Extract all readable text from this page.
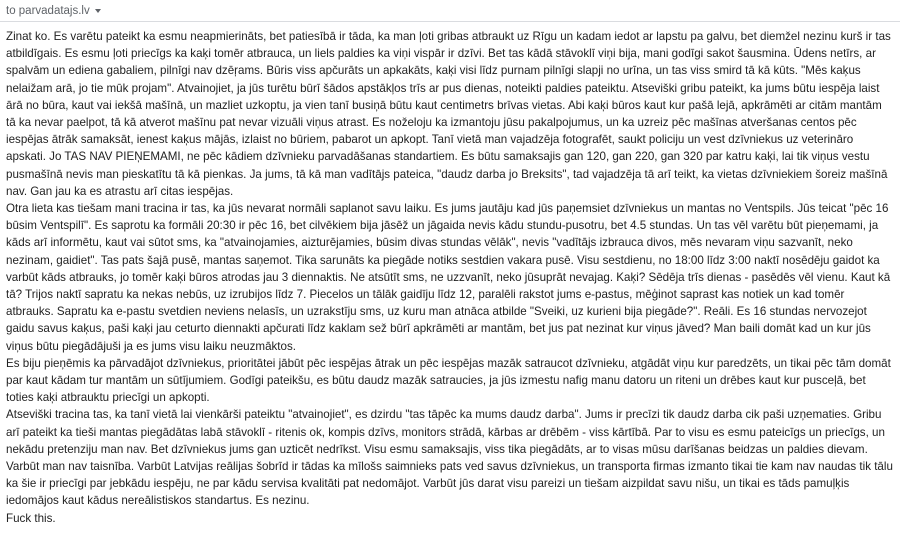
to parvadatajs.lv

Zinat ko. Es varētu pateikt ka esmu neapmierināts, bet patiesībā ir tāda, ka man ļoti gribas atbraukt uz Rīgu un kadam iedot ar lapstu pa galvu, bet diemžel nezinu kurš ir tas atbildīgais. Es esmu ļoti priecīgs ka kaķi tomēr atbrauca, un liels paldies ka viņi vispār ir dzīvi. Bet tas kādā stāvoklī viņi bija, mani godīgi sakot šausmina. Ūdens netīrs, ar spalvām un ediena gabaliem, pilnīgi nav dzēŗams. Būris viss apčurāts un apkakāts, kaķi visi līdz purnam pilnīgi slapji no urīna, un tas viss smird tā kā kūts. "Mēs kaķus nelaižam arā, jo tie mūk projam". Atvainojiet, ja jūs turētu būrī šādos apstākļos trīs ar pus dienas, noteikti paldies pateiktu. Atseviški gribu pateikt, ka jums būtu iespēja laist ārā no būra, kaut vai iekšā mašīnā, un mazliet uzkoptu, ja vien tanī busiņā būtu kaut centimetrs brīvas vietas. Abi kaķi būros kaut kur pašā lejā, apkrāmēti ar citām mantām tā ka nevar paelpot, tā kā atverot mašīnu pat nevar vizuāli viņus atrast. Es noželoju ka izmantoju jūsu pakalpojumus, un ka uzreiz pēc mašīnas atveršanas centos pēc iespējas ātrāk samaksāt, ienest kaķus mājās, izlaist no būriem, pabarot un apkopt. Tanī vietā man vajadzēja fotografēt, saukt policiju un vest dzīvniekus uz veterināro apskati. Jo TAS NAV PIEŅEMAMI, ne pēc kādiem dzīvnieku parvadāšanas standartiem. Es būtu samaksajis gan 120, gan 220, gan 320 par katru kaķi, lai tik viņus vestu pusmašīnā nevis man pieskatītu tā kā pienkas. Ja jums, tā kā man vadītājs pateica, "daudz darba jo Breksits", tad vajadzēja tā arī teikt, ka vietas dzīvniekiem šoreiz mašīnā nav. Gan jau ka es atrastu arī citas iespējas.

Otra lieta kas tiešam mani tracina ir tas, ka jūs nevarat normāli saplanot savu laiku. Es jums jautāju kad jūs paņemsiet dzīvniekus un mantas no Ventspils. Jūs teicat "pēc 16 būsim Ventspilī". Es saprotu ka formāli 20:30 ir pēc 16, bet cilvēkiem bija jāsēž un jāgaida nevis kādu stundu-pusotru, bet 4.5 stundas. Un tas vēl varētu būt pieņemami, ja kāds arī informētu, kaut vai sūtot sms, ka "atvainojamies, aizturējamies, būsim divas stundas vēlāk", nevis "vadītājs izbrauca divos, mēs nevaram viņu sazvanīt, neko nezinam, gaidiet". Tas pats šajā pusē, mantas saņemot. Tika sarunāts ka piegāde notiks sestdien vakara pusē. Visu sestdienu, no 18:00 līdz 3:00 naktī nosēdēju gaidot ka varbūt kāds atbrauks, jo tomēr kaķi būros atrodas jau 3 diennaktis. Ne atsūtīt sms, ne uzzvanīt, neko jūsuprāt nevajag. Kaķi? Sēdēja trīs dienas - pasēdēs vēl vienu. Kaut kā tā? Trijos naktī sapratu ka nekas nebūs, uz izrubijos līdz 7. Piecelos un tālāk gaidīju līdz 12, paralēli rakstot jums e-pastus, mēģinot saprast kas notiek un kad tomēr atbrauks. Sapratu ka e-pastu svetdien neviens nelasīs, un uzrakstīju sms, uz kuru man atnāca atbilde "Sveiki, uz kurieni bija piegāde?". Reāli. Es 16 stundas nervozejot gaidu savus kaķus, paši kaķi jau ceturto diennakti apčurati līdz kaklam sež būrī apkrāmēti ar mantām, bet jus pat nezinat kur viņus jāved? Man baili domāt kad un kur jūs viņus būtu piegādājuši ja es jums visu laiku neuzmāktos.

Es biju pieņēmis ka pārvadājot dzīvniekus, prioritātei jābūt pēc iespējas ātrak un pēc iespējas mazāk satraucot dzīvnieku, atgādāt viņu kur paredzēts, un tikai pēc tām domāt par kaut kādam tur mantām un sūtījumiem. Godīgi pateikšu, es būtu daudz mazāk satraucies, ja jūs izmestu nafig manu datoru un riteni un drēbes kaut kur pusceļā, bet toties kaķi atbrauktu priecīgi un apkopti.

Atseviški tracina tas, ka tanī vietā lai vienkārši pateiktu "atvainojiet", es dzirdu "tas tāpēc ka mums daudz darba". Jums ir precīzi tik daudz darba cik paši uzņematies. Gribu arī pateikt ka tieši mantas piegādātas labā stāvoklī - ritenis ok, kompis dzīvs, monitors strādā, kārbas ar drēbēm - viss kārtībā. Par to visu es esmu pateicīgs un priecīgs, un nekādu pretenziju man nav. Bet dzīvniekus jums gan uzticēt nedrīkst. Visu esmu samaksajis, viss tika piegādāts, ar to visas mūsu darīšanas beidzas un paldies dievam.

Varbūt man nav taisnība. Varbūt Latvijas reālijas šobrīd ir tādas ka mīlošs saimnieks pats ved savus dzīvniekus, un transporta firmas izmanto tikai tie kam nav naudas tik tālu ka šie ir priecīgi par jebkādu iespēju, ne par kādu servisa kvalitāti pat nedomājot. Varbūt jūs darat visu pareizi un tiešam aizpildat savu nišu, un tikai es tāds pamuļķis iedomājos kaut kādus nereālistiskos standartus. Es nezinu.

Fuck this.
